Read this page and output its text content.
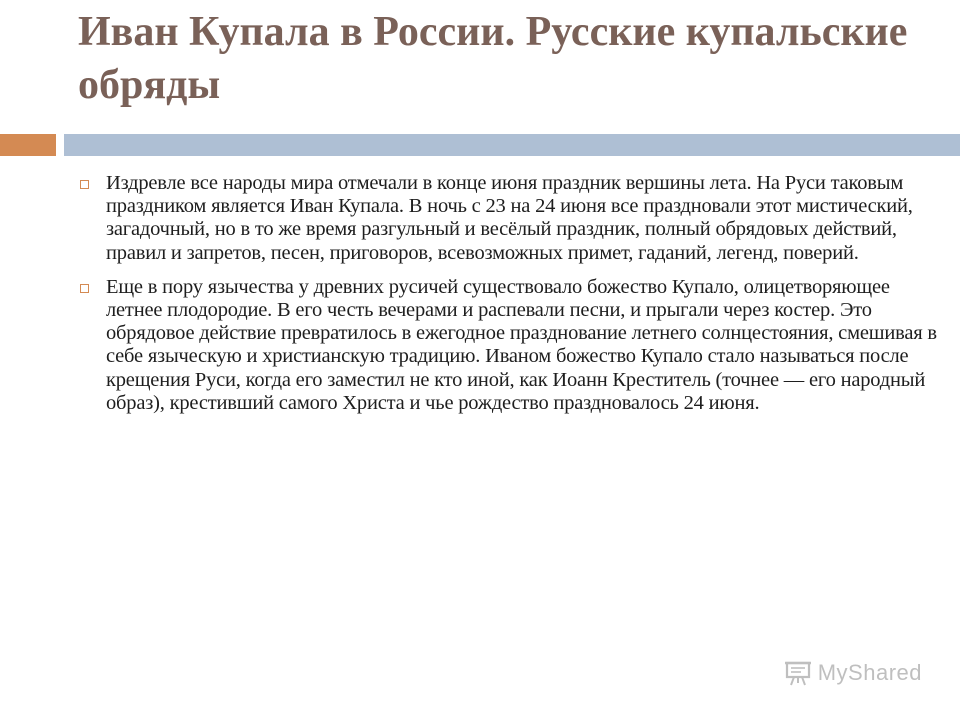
Иван Купала в России. Русские купальские обряды
Издревле все народы мира отмечали в конце июня праздник вершины лета. На Руси таковым праздником является Иван Купала. В ночь с 23 на 24 июня все праздновали этот мистический, загадочный, но в то же время разгульный и весёлый праздник, полный обрядовых действий, правил и запретов, песен, приговоров, всевозможных примет, гаданий, легенд, поверий.
Еще в пору язычества у древних русичей существовало божество Купало, олицетворяющее летнее плодородие. В его честь вечерами и распевали песни, и прыгали через костер. Это обрядовое действие превратилось в ежегодное празднование летнего солнцестояния, смешивая в себе языческую и христианскую традицию. Иваном божество Купало стало называться после крещения Руси, когда его заместил не кто иной, как Иоанн Креститель (точнее — его народный образ), крестивший самого Христа и чье рождество праздновалось 24 июня.
MyShared
